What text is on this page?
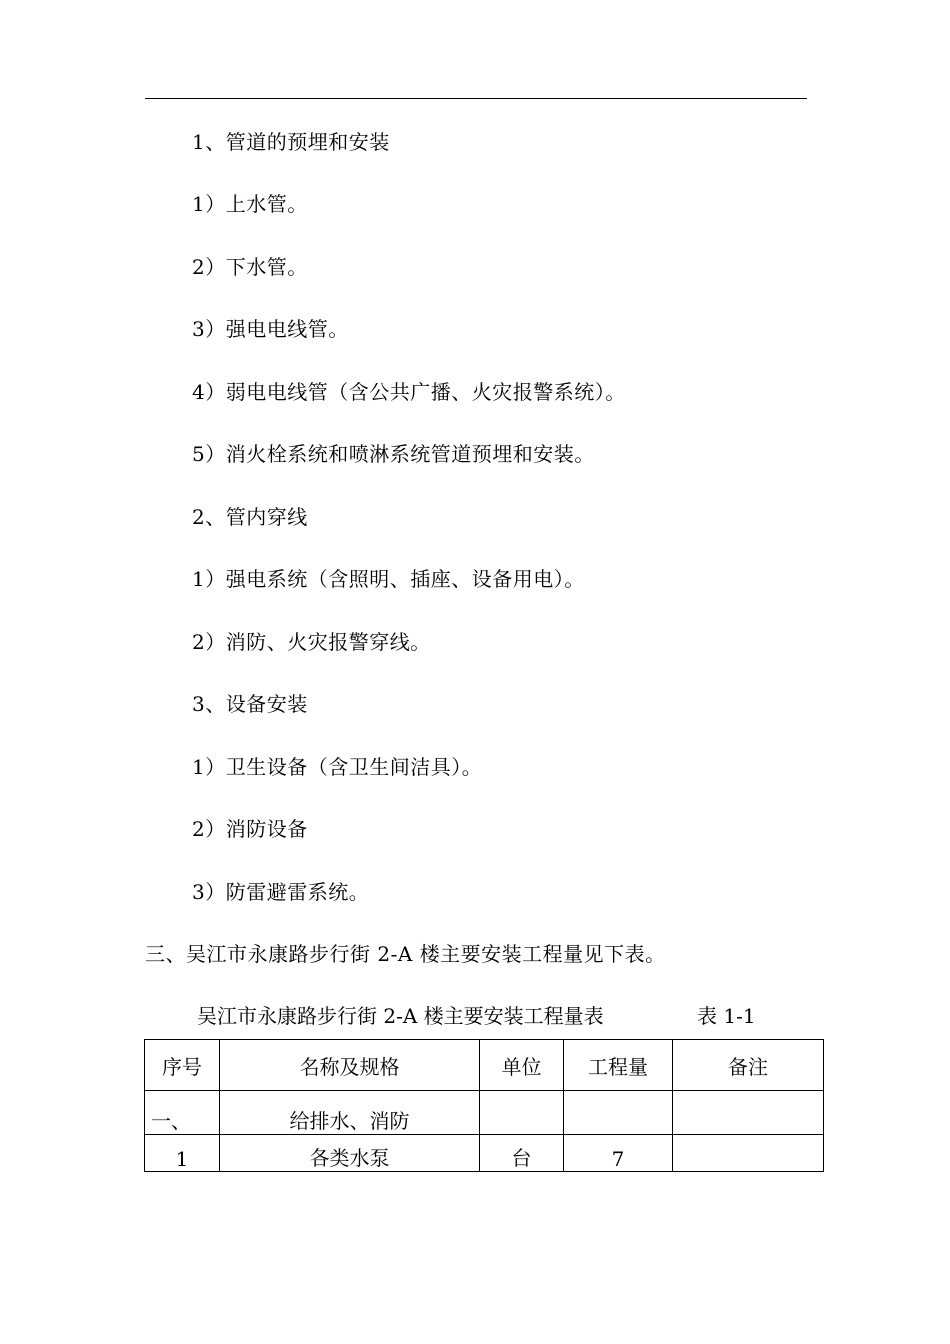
1、管道的预埋和安装
1）上水管。
2）下水管。
3）强电电线管。
4）弱电电线管（含公共广播、火灾报警系统）。
5）消火栓系统和喷淋系统管道预埋和安装。
2、管内穿线
1）强电系统（含照明、插座、设备用电）。
2）消防、火灾报警穿线。
3、设备安装
1）卫生设备（含卫生间洁具）。
2）消防设备
3）防雷避雷系统。
三、吴江市永康路步行街 2-A 楼主要安装工程量见下表。
吴江市永康路步行街 2-A 楼主要安装工程量表	表 1-1
序号	名称及规格	单位	工程量	备注
一、	给排水、消防			
1	各类水泵	台	7	
